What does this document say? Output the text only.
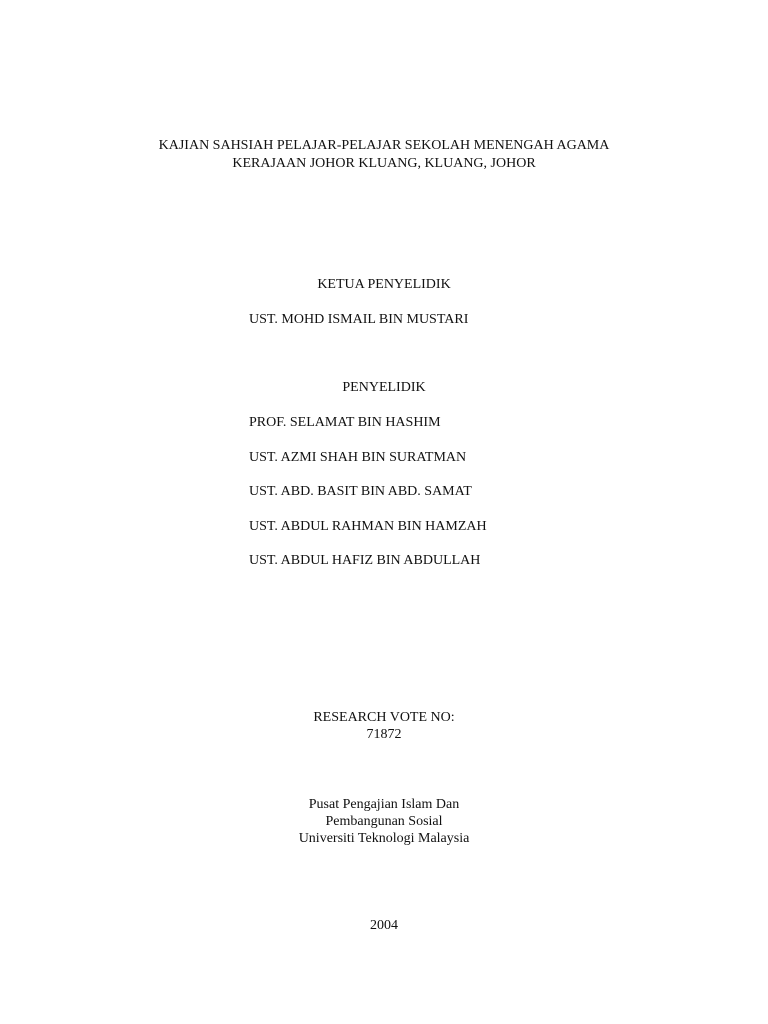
KAJIAN SAHSIAH PELAJAR-PELAJAR SEKOLAH MENENGAH AGAMA
KERAJAAN JOHOR KLUANG, KLUANG, JOHOR
KETUA PENYELIDIK
UST. MOHD ISMAIL BIN MUSTARI
PENYELIDIK
PROF. SELAMAT BIN HASHIM
UST. AZMI SHAH BIN SURATMAN
UST. ABD. BASIT BIN ABD. SAMAT
UST. ABDUL RAHMAN BIN HAMZAH
UST. ABDUL HAFIZ BIN ABDULLAH
RESEARCH VOTE NO:
71872
Pusat Pengajian Islam Dan
Pembangunan Sosial
Universiti Teknologi Malaysia
2004
